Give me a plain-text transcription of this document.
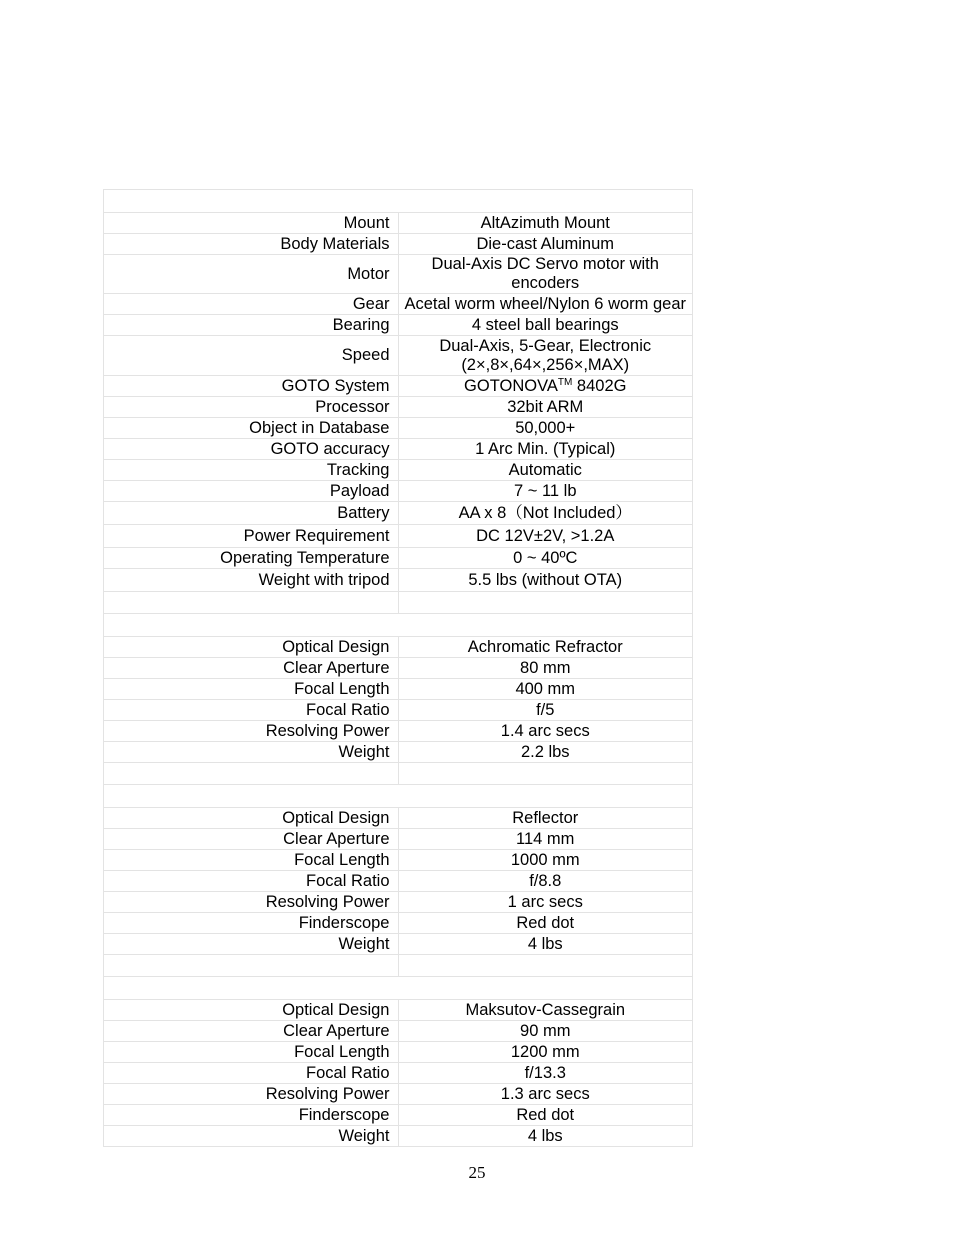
Mount	AltAzimuth Mount
Body Materials	Die-cast Aluminum
Motor	Dual-Axis DC Servo motor with encoders
Gear	Acetal worm wheel/Nylon 6 worm gear
Bearing	4 steel ball bearings
Speed	Dual-Axis, 5-Gear, Electronic
(2×,8×,64×,256×,MAX)
GOTO System	GOTONOVA™ 8402G
Processor	32bit ARM
Object in Database	50,000+
GOTO accuracy	1 Arc Min. (Typical)
Tracking	Automatic
Payload	7 ~ 11 lb
Battery	AA x 8（Not Included）
Power Requirement	DC 12V±2V, >1.2A
Operating Temperature	0 ~ 40ºC
Weight with tripod	5.5 lbs (without OTA)

Optical Design	Achromatic Refractor
Clear Aperture	80 mm
Focal Length	400 mm
Focal Ratio	f/5
Resolving Power	1.4 arc secs
Weight	2.2 lbs

Optical Design	Reflector
Clear Aperture	114 mm
Focal Length	1000 mm
Focal Ratio	f/8.8
Resolving Power	1 arc secs
Finderscope	Red dot
Weight	4 lbs

Optical Design	Maksutov-Cassegrain
Clear Aperture	90 mm
Focal Length	1200 mm
Focal Ratio	f/13.3
Resolving Power	1.3 arc secs
Finderscope	Red dot
Weight	4 lbs
25
